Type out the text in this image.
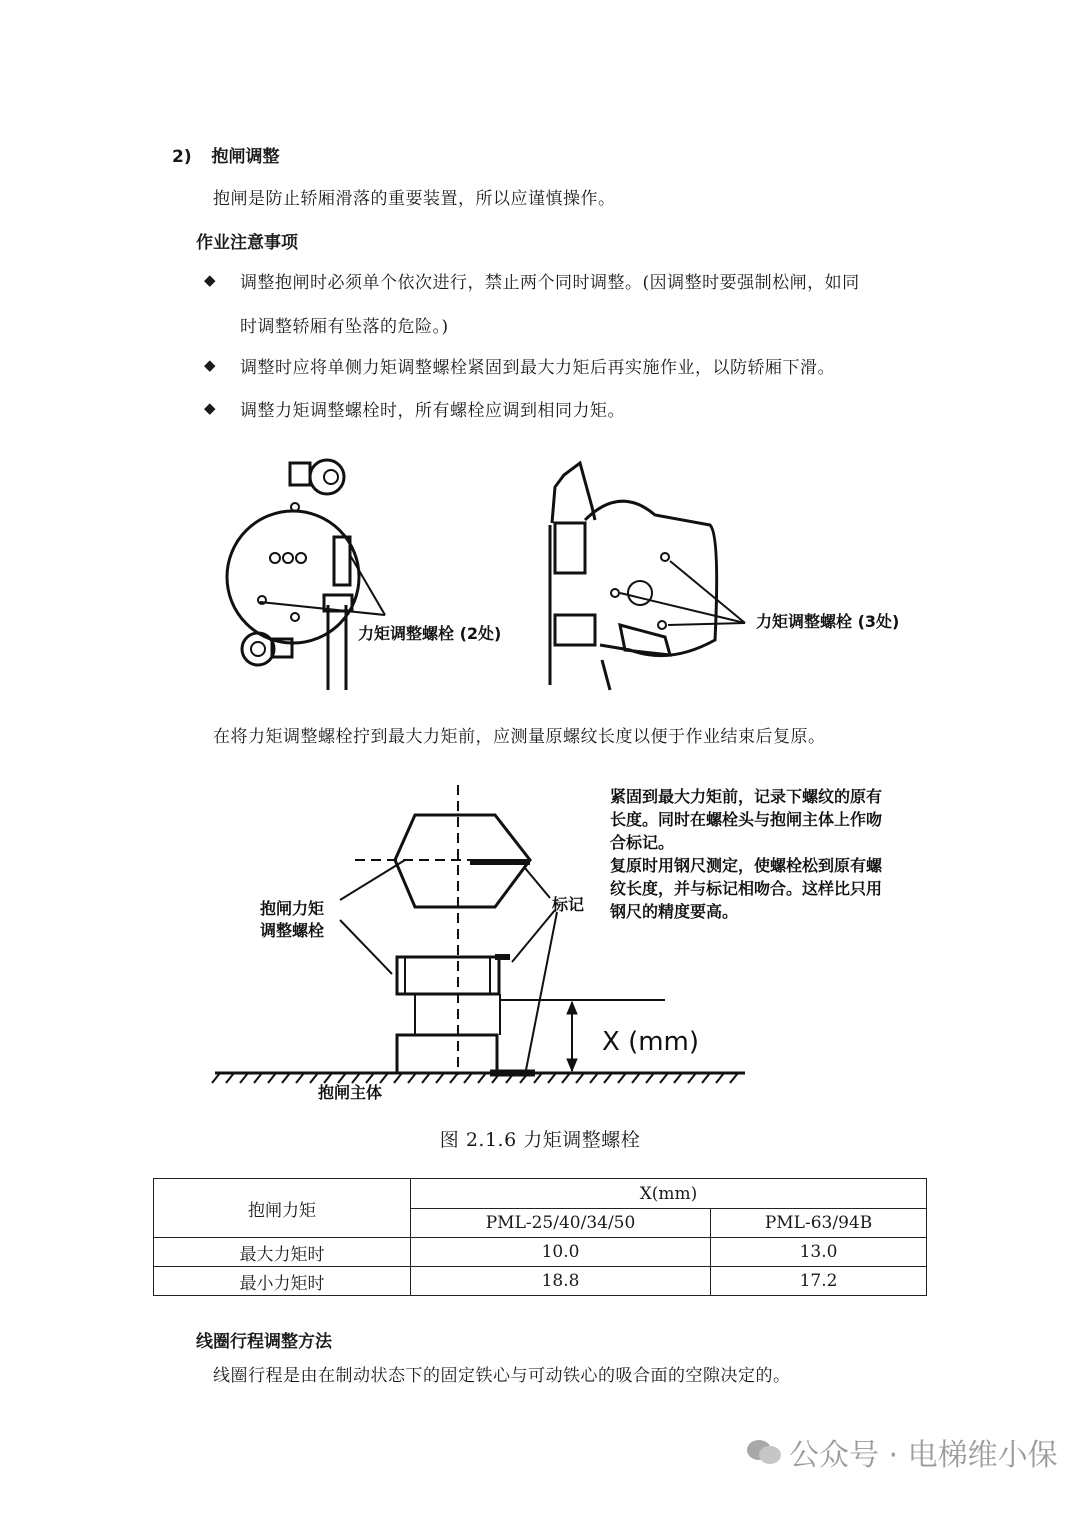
2) 抱闸调整
抱闸是防止轿厢滑落的重要装置，所以应谨慎操作。
作业注意事项
◆ 调整抱闸时必须单个依次进行，禁止两个同时调整。(因调整时要强制松闸，如同
时调整轿厢有坠落的危险。)
◆ 调整时应将单侧力矩调整螺栓紧固到最大力矩后再实施作业，以防轿厢下滑。
◆ 调整力矩调整螺栓时，所有螺栓应调到相同力矩。
力矩调整螺栓 (2处)
力矩调整螺栓 (3处)
在将力矩调整螺栓拧到最大力矩前，应测量原螺纹长度以便于作业结束后复原。
X (mm)
抱闸力矩
调整螺栓
标记
抱闸主体
紧固到最大力矩前，记录下螺纹的原有
长度。同时在螺栓头与抱闸主体上作吻
合标记。
复原时用钢尺测定，使螺栓松到原有螺
纹长度，并与标记相吻合。这样比只用
钢尺的精度要高。
图 2.1.6 力矩调整螺栓
抱闸力矩	X(mm)	
	PML-25/40/34/50	PML-63/94B
最大力矩时	10.0	13.0
最小力矩时	18.8	17.2
线圈行程调整方法
线圈行程是由在制动状态下的固定铁心与可动铁心的吸合面的空隙决定的。
公众号 · 电梯维小保
